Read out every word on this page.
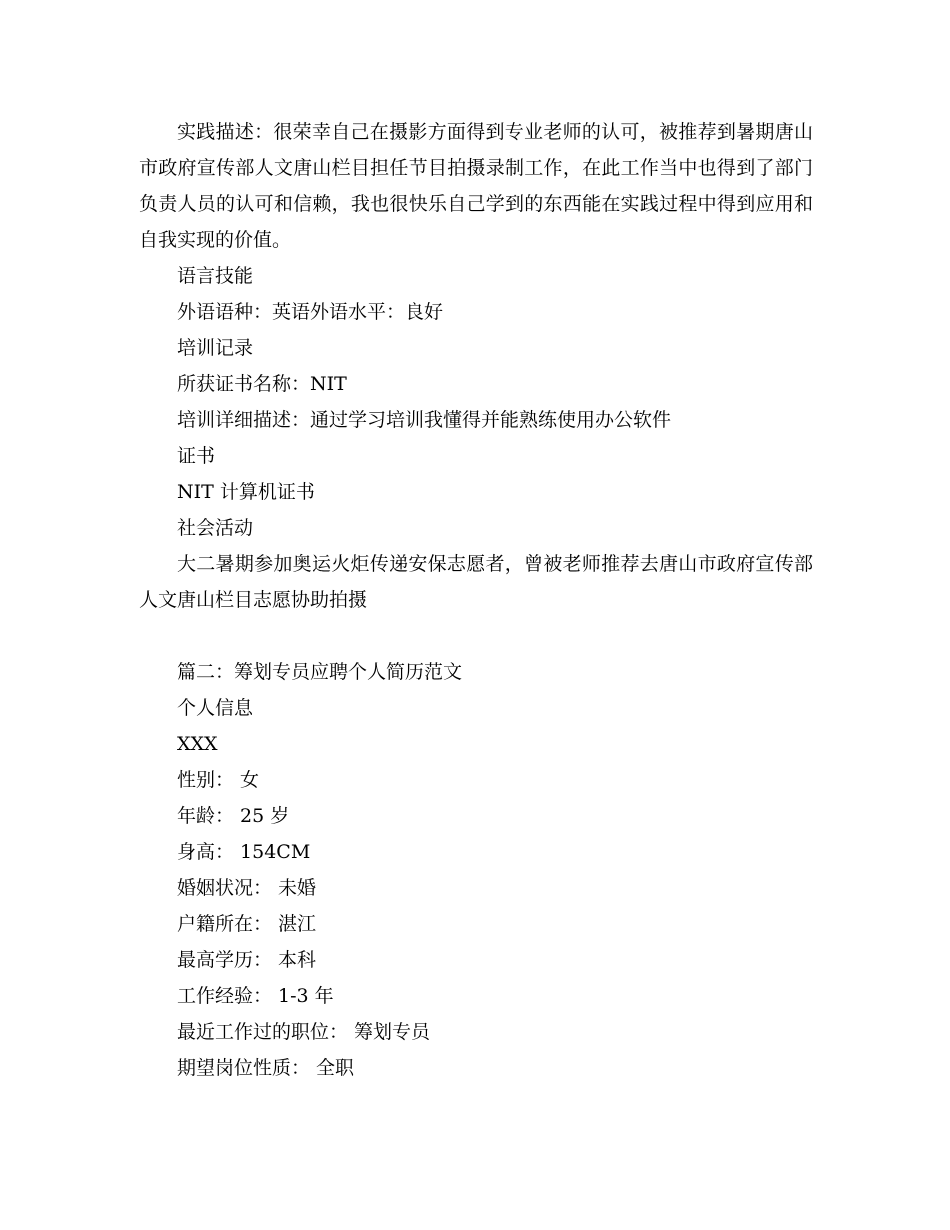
实践描述：很荣幸自己在摄影方面得到专业老师的认可，被推荐到暑期唐山市政府宣传部人文唐山栏目担任节目拍摄录制工作，在此工作当中也得到了部门负责人员的认可和信赖，我也很快乐自己学到的东西能在实践过程中得到应用和自我实现的价值。

语言技能

外语语种：英语外语水平：良好

培训记录

所获证书名称：NIT

培训详细描述：通过学习培训我懂得并能熟练使用办公软件

证书

NIT 计算机证书

社会活动

大二暑期参加奥运火炬传递安保志愿者，曾被老师推荐去唐山市政府宣传部人文唐山栏目志愿协助拍摄

篇二：筹划专员应聘个人简历范文

个人信息

XXX

性别： 女

年龄： 25 岁

身高： 154CM

婚姻状况： 未婚

户籍所在： 湛江

最高学历： 本科

工作经验： 1-3 年

最近工作过的职位： 筹划专员

期望岗位性质： 全职
